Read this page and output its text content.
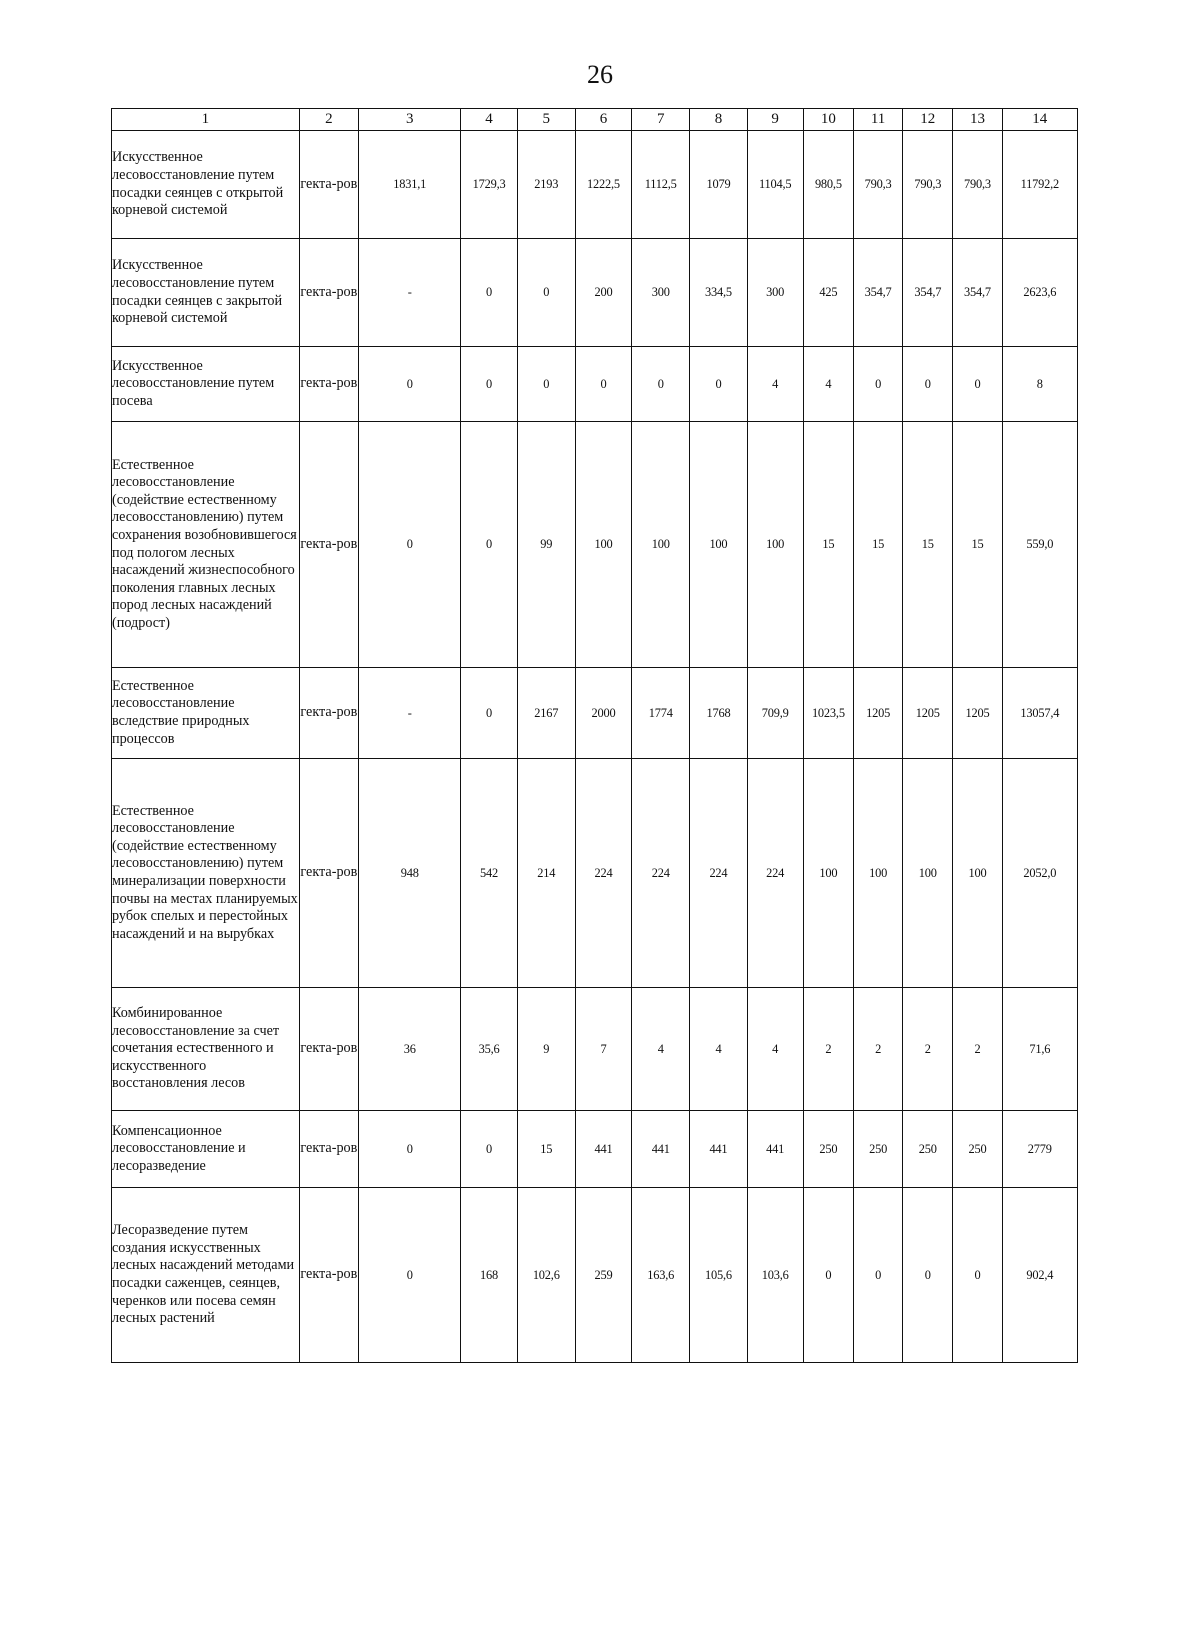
26
1	2	3	4	5	6	7	8	9	10	11	12	13	14
Искусственное лесовосстановление путем посадки сеянцев с открытой корневой системой	гекта-ров	1831,1	1729,3	2193	1222,5	1112,5	1079	1104,5	980,5	790,3	790,3	790,3	11792,2
Искусственное лесовосстановление путем посадки сеянцев с закрытой корневой системой	гекта-ров	-	0	0	200	300	334,5	300	425	354,7	354,7	354,7	2623,6
Искусственное лесовосстановление путем посева	гекта-ров	0	0	0	0	0	0	4	4	0	0	0	8
Естественное лесовосстановление (содействие естественному лесовосстановлению) путем сохранения возобновившегося под пологом лесных насаждений жизнеспособного поколения главных лесных пород лесных насаждений (подрост)	гекта-ров	0	0	99	100	100	100	100	15	15	15	15	559,0
Естественное лесовосстановление вследствие природных процессов	гекта-ров	-	0	2167	2000	1774	1768	709,9	1023,5	1205	1205	1205	13057,4
Естественное лесовосстановление (содействие естественному лесовосстановлению) путем минерализации поверхности почвы на местах планируемых рубок спелых и перестойных насаждений и на вырубках	гекта-ров	948	542	214	224	224	224	224	100	100	100	100	2052,0
Комбинированное лесовосстановление за счет сочетания естественного и искусственного восстановления лесов	гекта-ров	36	35,6	9	7	4	4	4	2	2	2	2	71,6
Компенсационное лесовосстановление и лесоразведение	гекта-ров	0	0	15	441	441	441	441	250	250	250	250	2779
Лесоразведение путем создания искусственных лесных насаждений методами посадки саженцев, сеянцев, черенков или посева семян лесных растений	гекта-ров	0	168	102,6	259	163,6	105,6	103,6	0	0	0	0	902,4
